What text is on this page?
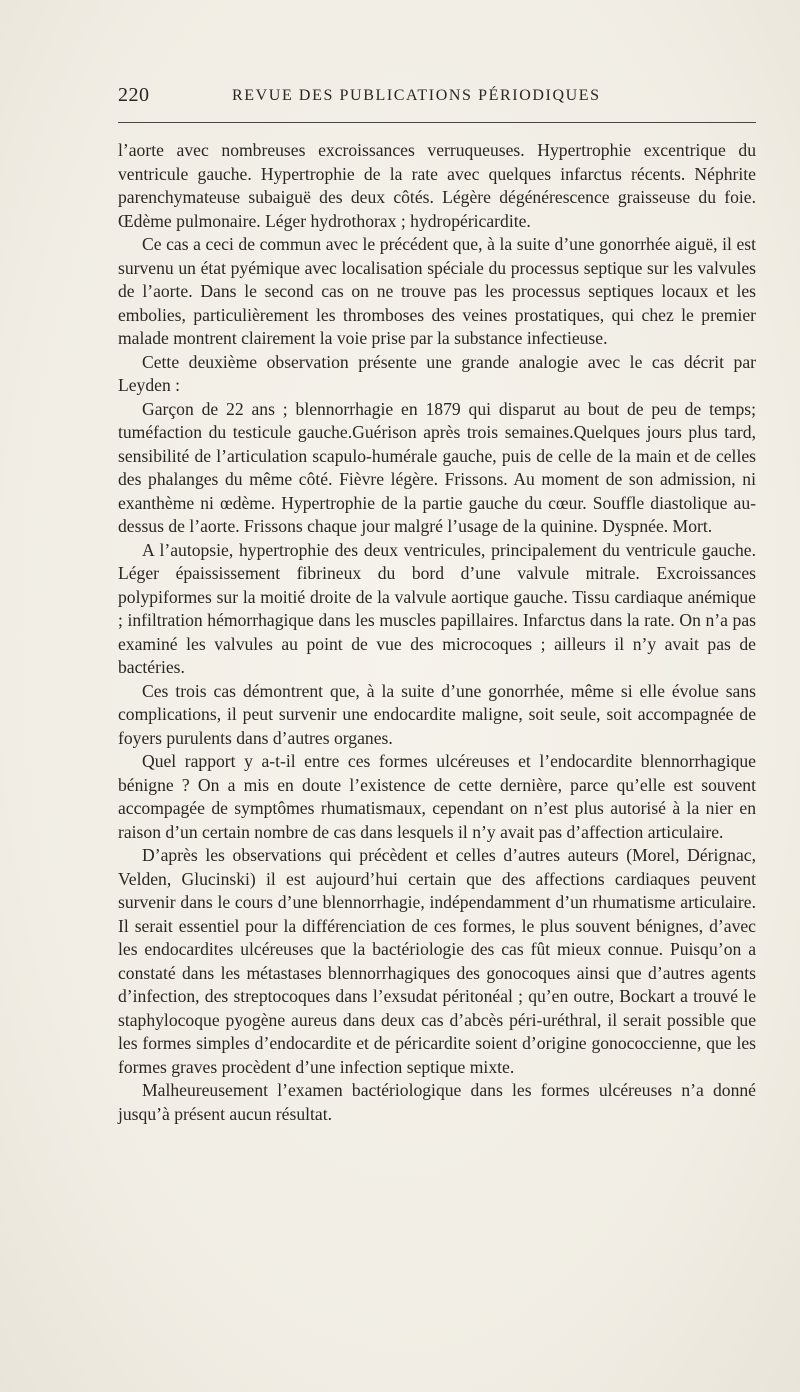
220	REVUE DES PUBLICATIONS PÉRIODIQUES

l’aorte avec nombreuses excroissances verruqueuses. Hypertrophie excentrique du ventricule gauche. Hypertrophie de la rate avec quelques infarctus récents. Néphrite parenchymateuse subaiguë des deux côtés. Légère dégénérescence graisseuse du foie. Œdème pulmonaire. Léger hydrothorax ; hydropéricardite.

Ce cas a ceci de commun avec le précédent que, à la suite d’une gonorrhée aiguë, il est survenu un état pyémique avec localisation spéciale du processus septique sur les valvules de l’aorte. Dans le second cas on ne trouve pas les processus septiques locaux et les embolies, particulièrement les thromboses des veines prostatiques, qui chez le premier malade montrent clairement la voie prise par la substance infectieuse.

Cette deuxième observation présente une grande analogie avec le cas décrit par Leyden :

Garçon de 22 ans ; blennorrhagie en 1879 qui disparut au bout de peu de temps; tuméfaction du testicule gauche.Guérison après trois semaines.Quelques jours plus tard, sensibilité de l’articulation scapulo-humérale gauche, puis de celle de la main et de celles des phalanges du même côté. Fièvre légère. Frissons. Au moment de son admission, ni exanthème ni œdème. Hypertrophie de la partie gauche du cœur. Souffle diastolique au-dessus de l’aorte. Frissons chaque jour malgré l’usage de la quinine. Dyspnée. Mort.

A l’autopsie, hypertrophie des deux ventricules, principalement du ventricule gauche. Léger épaississement fibrineux du bord d’une valvule mitrale. Excroissances polypiformes sur la moitié droite de la valvule aortique gauche. Tissu cardiaque anémique ; infiltration hémorrhagique dans les muscles papillaires. Infarctus dans la rate. On n’a pas examiné les valvules au point de vue des microcoques ; ailleurs il n’y avait pas de bactéries.

Ces trois cas démontrent que, à la suite d’une gonorrhée, même si elle évolue sans complications, il peut survenir une endocardite maligne, soit seule, soit accompagnée de foyers purulents dans d’autres organes.

Quel rapport y a-t-il entre ces formes ulcéreuses et l’endocardite blennorrhagique bénigne ? On a mis en doute l’existence de cette dernière, parce qu’elle est souvent accompagée de symptômes rhumatismaux, cependant on n’est plus autorisé à la nier en raison d’un certain nombre de cas dans lesquels il n’y avait pas d’affection articulaire.

D’après les observations qui précèdent et celles d’autres auteurs (Morel, Dérignac, Velden, Glucinski) il est aujourd’hui certain que des affections cardiaques peuvent survenir dans le cours d’une blennorrhagie, indépendamment d’un rhumatisme articulaire. Il serait essentiel pour la différenciation de ces formes, le plus souvent bénignes, d’avec les endocardites ulcéreuses que la bactériologie des cas fût mieux connue. Puisqu’on a constaté dans les métastases blennorrhagiques des gonocoques ainsi que d’autres agents d’infection, des streptocoques dans l’exsudat péritonéal ; qu’en outre, Bockart a trouvé le staphylocoque pyogène aureus dans deux cas d’abcès péri-uréthral, il serait possible que les formes simples d’endocardite et de péricardite soient d’origine gonococcienne, que les formes graves procèdent d’une infection septique mixte.

Malheureusement l’examen bactériologique dans les formes ulcéreuses n’a donné jusqu’à présent aucun résultat.
